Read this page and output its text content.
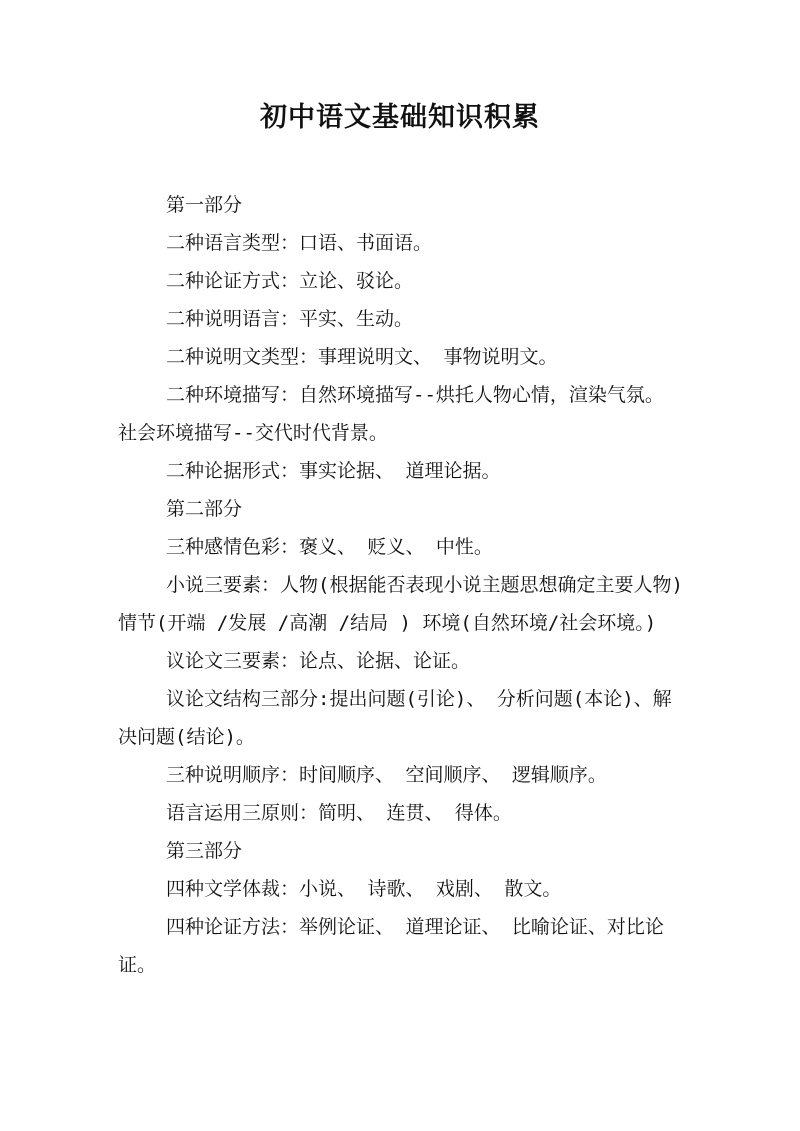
初中语文基础知识积累

第一部分

二种语言类型：口语、书面语。

二种论证方式：立论、驳论。

二种说明语言：平实、生动。

二种说明文类型：事理说明文、 事物说明文。

二种环境描写：自然环境描写--烘托人物心情，渲染气氛。 社会环境描写--交代时代背景。

二种论据形式：事实论据、 道理论据。

第二部分

三种感情色彩：褒义、 贬义、 中性。

小说三要素：人物(根据能否表现小说主题思想确定主要人物)情节(开端 /发展 /高潮 /结局 ) 环境(自然环境/社会环境。)

议论文三要素：论点、论据、论证。

议论文结构三部分:提出问题(引论)、 分析问题(本论)、解决问题(结论)。

三种说明顺序：时间顺序、 空间顺序、 逻辑顺序。

语言运用三原则：简明、 连贯、 得体。

第三部分

四种文学体裁：小说、 诗歌、 戏剧、 散文。

四种论证方法：举例论证、 道理论证、 比喻论证、对比论证。
